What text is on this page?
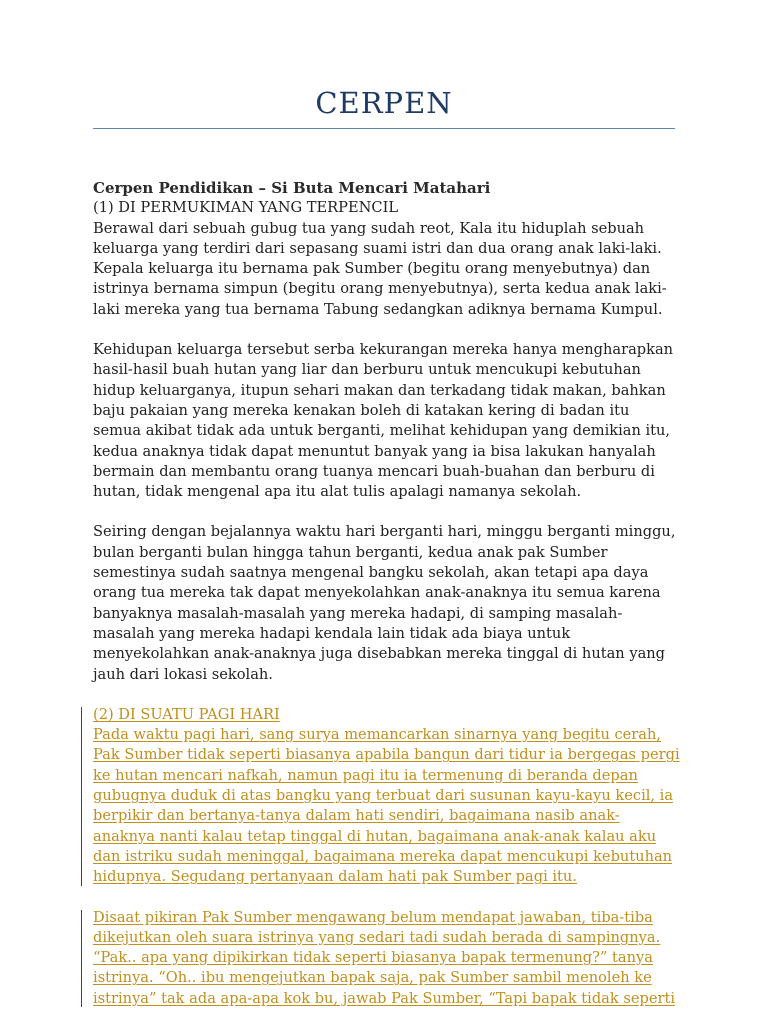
CERPEN
Cerpen Pendidikan – Si Buta Mencari Matahari
(1) DI PERMUKIMAN YANG TERPENCIL
Berawal dari sebuah gubug tua yang sudah reot, Kala itu hiduplah sebuah
keluarga yang terdiri dari sepasang suami istri dan dua orang anak laki-laki.
Kepala keluarga itu bernama pak Sumber (begitu orang menyebutnya) dan
istrinya bernama simpun (begitu orang menyebutnya), serta kedua anak laki-
laki mereka yang tua bernama Tabung sedangkan adiknya bernama Kumpul.
Kehidupan keluarga tersebut serba kekurangan mereka hanya mengharapkan
hasil-hasil buah hutan yang liar dan berburu untuk mencukupi kebutuhan
hidup keluarganya, itupun sehari makan dan terkadang tidak makan, bahkan
baju pakaian yang mereka kenakan boleh di katakan kering di badan itu
semua akibat tidak ada untuk berganti, melihat kehidupan yang demikian itu,
kedua anaknya tidak dapat menuntut banyak yang ia bisa lakukan hanyalah
bermain dan membantu orang tuanya mencari buah-buahan dan berburu di
hutan, tidak mengenal apa itu alat tulis apalagi namanya sekolah.
Seiring dengan bejalannya waktu hari berganti hari, minggu berganti minggu,
bulan berganti bulan hingga tahun berganti, kedua anak pak Sumber
semestinya sudah saatnya mengenal bangku sekolah, akan tetapi apa daya
orang tua mereka tak dapat menyekolahkan anak-anaknya itu semua karena
banyaknya masalah-masalah yang mereka hadapi, di samping masalah-
masalah yang mereka hadapi kendala lain tidak ada biaya untuk
menyekolahkan anak-anaknya juga disebabkan mereka tinggal di hutan yang
jauh dari lokasi sekolah.
(2) DI SUATU PAGI HARI
Pada waktu pagi hari, sang surya memancarkan sinarnya yang begitu cerah,
Pak Sumber tidak seperti biasanya apabila bangun dari tidur ia bergegas pergi
ke hutan mencari nafkah, namun pagi itu ia termenung di beranda depan
gubugnya duduk di atas bangku yang terbuat dari susunan kayu-kayu kecil, ia
berpikir dan bertanya-tanya dalam hati sendiri, bagaimana nasib anak-
anaknya nanti kalau tetap tinggal di hutan, bagaimana anak-anak kalau aku
dan istriku sudah meninggal, bagaimana mereka dapat mencukupi kebutuhan
hidupnya. Segudang pertanyaan dalam hati pak Sumber pagi itu.
Disaat pikiran Pak Sumber mengawang belum mendapat jawaban, tiba-tiba
dikejutkan oleh suara istrinya yang sedari tadi sudah berada di sampingnya.
“Pak.. apa yang dipikirkan tidak seperti biasanya bapak termenung?” tanya
istrinya. “Oh.. ibu mengejutkan bapak saja, pak Sumber sambil menoleh ke
istrinya” tak ada apa-apa kok bu, jawab Pak Sumber, “Tapi bapak tidak seperti
